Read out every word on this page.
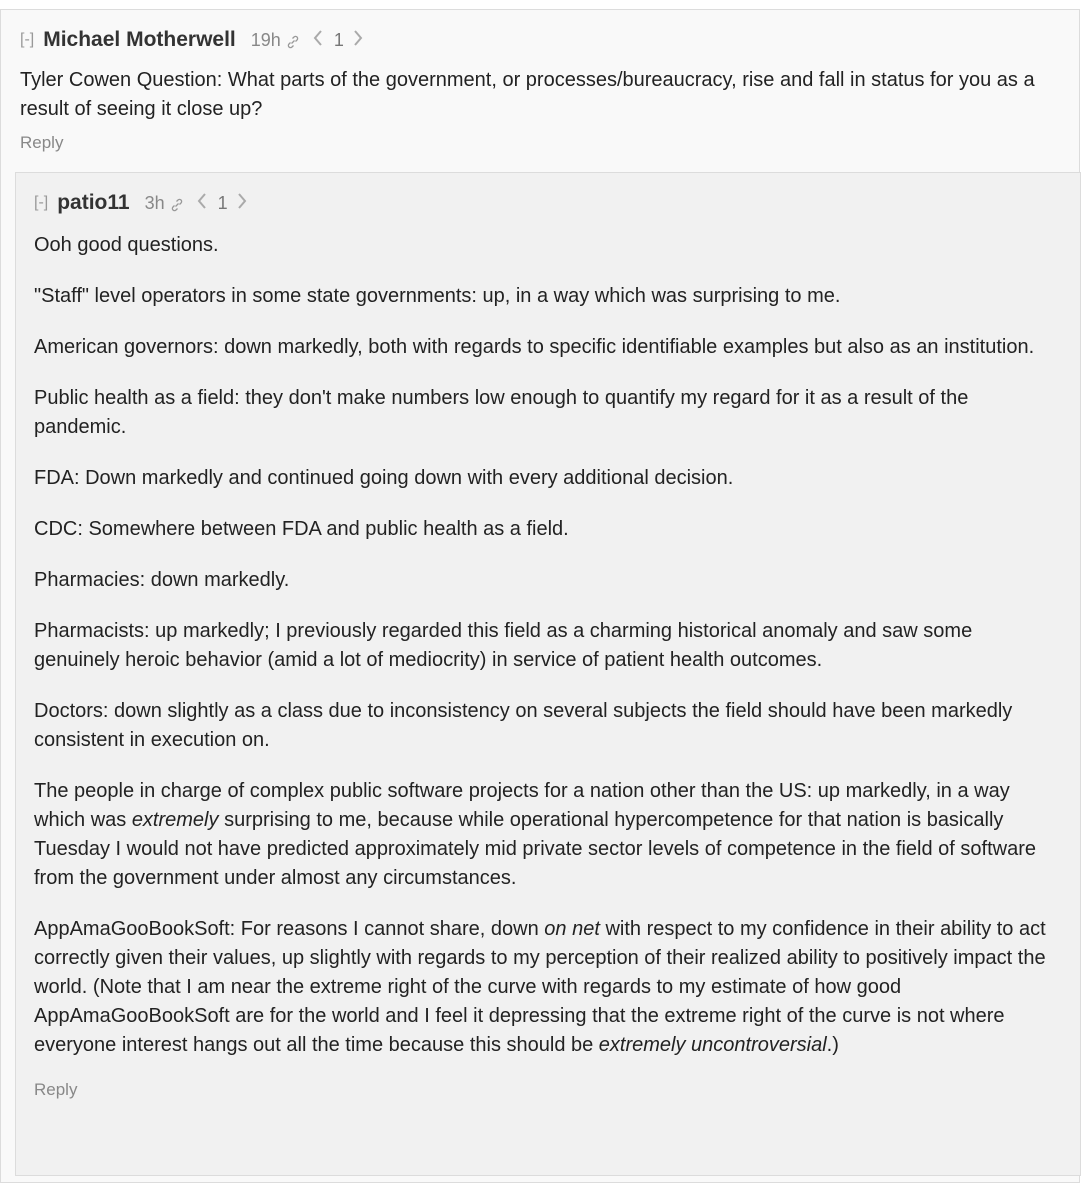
[-] Michael Motherwell 19h	1

Tyler Cowen Question: What parts of the government, or processes/bureaucracy, rise and fall in status for you as a result of seeing it close up?

Reply
[-] patio11 3h	1

Ooh good questions.

"Staff" level operators in some state governments: up, in a way which was surprising to me.

American governors: down markedly, both with regards to specific identifiable examples but also as an institution.

Public health as a field: they don't make numbers low enough to quantify my regard for it as a result of the pandemic.

FDA: Down markedly and continued going down with every additional decision.

CDC: Somewhere between FDA and public health as a field.

Pharmacies: down markedly.

Pharmacists: up markedly; I previously regarded this field as a charming historical anomaly and saw some genuinely heroic behavior (amid a lot of mediocrity) in service of patient health outcomes.

Doctors: down slightly as a class due to inconsistency on several subjects the field should have been markedly consistent in execution on.

The people in charge of complex public software projects for a nation other than the US: up markedly, in a way which was extremely surprising to me, because while operational hypercompetence for that nation is basically Tuesday I would not have predicted approximately mid private sector levels of competence in the field of software from the government under almost any circumstances.

AppAmaGooBookSoft: For reasons I cannot share, down on net with respect to my confidence in their ability to act correctly given their values, up slightly with regards to my perception of their realized ability to positively impact the world. (Note that I am near the extreme right of the curve with regards to my estimate of how good AppAmaGooBookSoft are for the world and I feel it depressing that the extreme right of the curve is not where everyone interest hangs out all the time because this should be extremely uncontroversial.)

Reply
